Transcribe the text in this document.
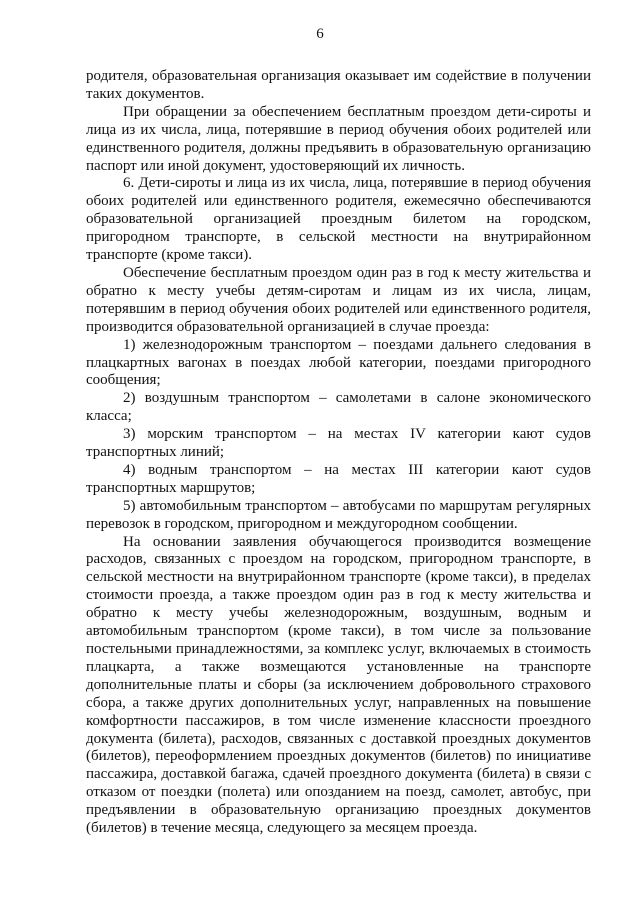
6

родителя, образовательная организация оказывает им содействие в получении таких документов.

При обращении за обеспечением бесплатным проездом дети-сироты и лица из их числа, лица, потерявшие в период обучения обоих родителей или единственного родителя, должны предъявить в образовательную организацию паспорт или иной документ, удостоверяющий их личность.

6. Дети-сироты и лица из их числа, лица, потерявшие в период обучения обоих родителей или единственного родителя, ежемесячно обеспечиваются образовательной организацией проездным билетом на городском, пригородном транспорте, в сельской местности на внутрирайонном транспорте (кроме такси).

Обеспечение бесплатным проездом один раз в год к месту жительства и обратно к месту учебы детям-сиротам и лицам из их числа, лицам, потерявшим в период обучения обоих родителей или единственного родителя, производится образовательной организацией в случае проезда:

1) железнодорожным транспортом – поездами дальнего следования в плацкартных вагонах в поездах любой категории, поездами пригородного сообщения;

2) воздушным транспортом – самолетами в салоне экономического класса;

3) морским транспортом – на местах IV категории кают судов транспортных линий;

4) водным транспортом – на местах III категории кают судов транспортных маршрутов;

5) автомобильным транспортом – автобусами по маршрутам регулярных перевозок в городском, пригородном и междугородном сообщении.

На основании заявления обучающегося производится возмещение расходов, связанных с проездом на городском, пригородном транспорте, в сельской местности на внутрирайонном транспорте (кроме такси), в пределах стоимости проезда, а также проездом один раз в год к месту жительства и обратно к месту учебы железнодорожным, воздушным, водным и автомобильным транспортом (кроме такси), в том числе за пользование постельными принадлежностями, за комплекс услуг, включаемых в стоимость плацкарта, а также возмещаются установленные на транспорте дополнительные платы и сборы (за исключением добровольного страхового сбора, а также других дополнительных услуг, направленных на повышение комфортности пассажиров, в том числе изменение классности проездного документа (билета), расходов, связанных с доставкой проездных документов (билетов), переоформлением проездных документов (билетов) по инициативе пассажира, доставкой багажа, сдачей проездного документа (билета) в связи с отказом от поездки (полета) или опозданием на поезд, самолет, автобус, при предъявлении в образовательную организацию проездных документов (билетов) в течение месяца, следующего за месяцем проезда.
